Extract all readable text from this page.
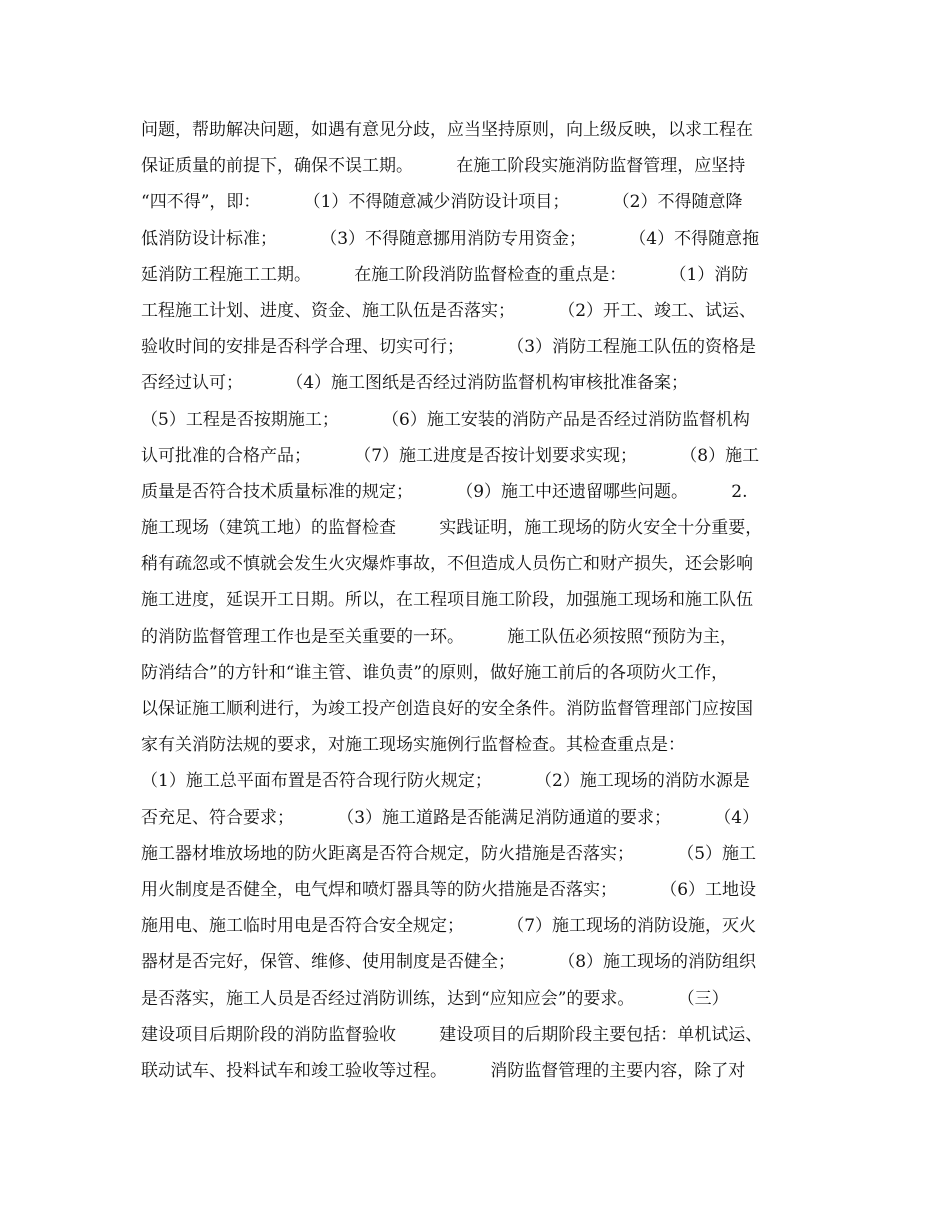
问题，帮助解决问题，如遇有意见分歧，应当坚持原则，向上级反映，以求工程在
保证质量的前提下，确保不误工期。        在施工阶段实施消防监督管理，应坚持
“四不得”，即：        （1）不得随意减少消防设计项目；        （2）不得随意降
低消防设计标准；        （3）不得随意挪用消防专用资金；        （4）不得随意拖
延消防工程施工工期。        在施工阶段消防监督检查的重点是：        （1）消防
工程施工计划、进度、资金、施工队伍是否落实；        （2）开工、竣工、试运、
验收时间的安排是否科学合理、切实可行；        （3）消防工程施工队伍的资格是
否经过认可；        （4）施工图纸是否经过消防监督机构审核批准备案；
（5）工程是否按期施工；        （6）施工安装的消防产品是否经过消防监督机构
认可批准的合格产品；        （7）施工进度是否按计划要求实现；        （8）施工
质量是否符合技术质量标准的规定；        （9）施工中还遗留哪些问题。        2.
施工现场（建筑工地）的监督检查        实践证明，施工现场的防火安全十分重要，
稍有疏忽或不慎就会发生火灾爆炸事故，不但造成人员伤亡和财产损失，还会影响
施工进度，延误开工日期。所以，在工程项目施工阶段，加强施工现场和施工队伍
的消防监督管理工作也是至关重要的一环。        施工队伍必须按照“预防为主，
防消结合”的方针和“谁主管、谁负责”的原则，做好施工前后的各项防火工作，
以保证施工顺利进行，为竣工投产创造良好的安全条件。消防监督管理部门应按国
家有关消防法规的要求，对施工现场实施例行监督检查。其检查重点是：
（1）施工总平面布置是否符合现行防火规定；        （2）施工现场的消防水源是
否充足、符合要求；        （3）施工道路是否能满足消防通道的要求；        （4）
施工器材堆放场地的防火距离是否符合规定，防火措施是否落实；        （5）施工
用火制度是否健全，电气焊和喷灯器具等的防火措施是否落实；        （6）工地设
施用电、施工临时用电是否符合安全规定；        （7）施工现场的消防设施，灭火
器材是否完好，保管、维修、使用制度是否健全；        （8）施工现场的消防组织
是否落实，施工人员是否经过消防训练，达到“应知应会”的要求。        （三）
建设项目后期阶段的消防监督验收        建设项目的后期阶段主要包括：单机试运、
联动试车、投料试车和竣工验收等过程。        消防监督管理的主要内容，除了对
